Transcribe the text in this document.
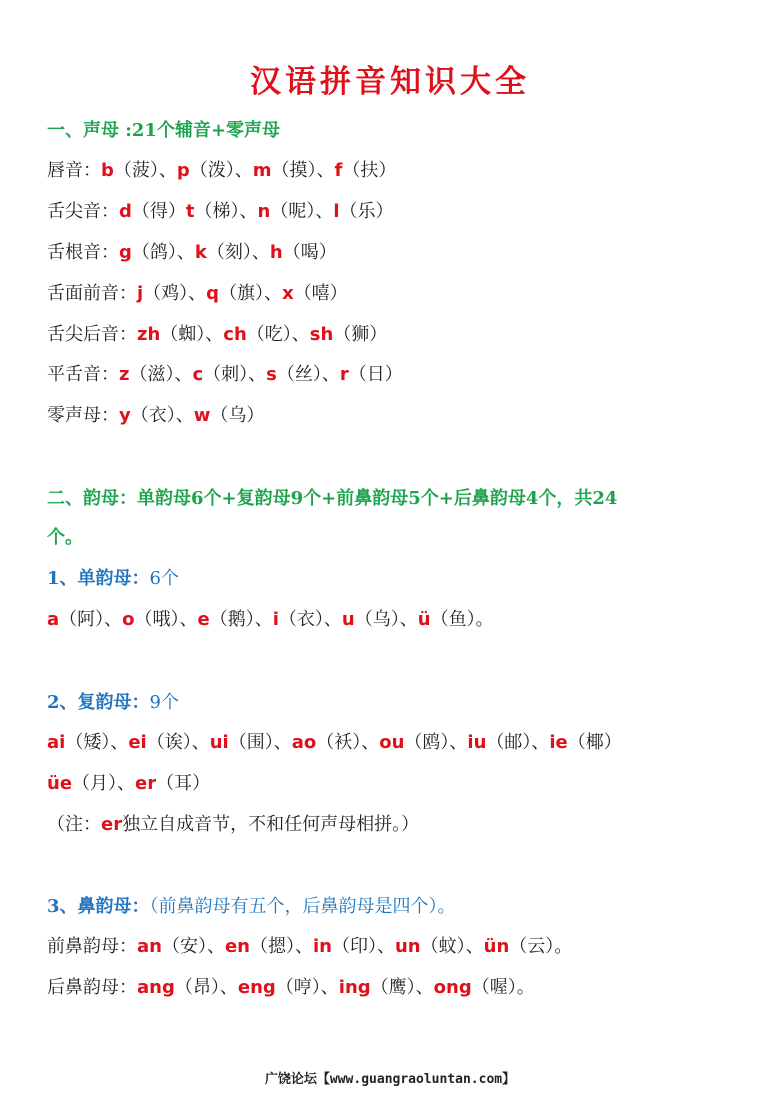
汉语拼音知识大全
一、声母 :21个辅音+零声母
唇音：b（菠）、p（泼）、m（摸）、f（扶）
舌尖音：d（得）t（梯）、n（呢）、l（乐）
舌根音：g（鸽）、k（刻）、h（喝）
舌面前音：j（鸡）、q（旗）、x（嘻）
舌尖后音：zh（蜘）、ch（吃）、sh（狮）
平舌音：z（滋）、c（刺）、s（丝）、r（日）
零声母：y（衣）、w（乌）
二、韵母：单韵母6个+复韵母9个+前鼻韵母5个+后鼻韵母4个，共24
个。
1、单韵母：6个
a（阿）、o（哦）、e（鹅）、i（衣）、u（乌）、ü（鱼）。
2、复韵母：9个
ai（矮）、ei（诶）、ui（围）、ao（袄）、ou（鸥）、iu（邮）、ie（椰）
üe（月）、er（耳）
（注：er独立自成音节，不和任何声母相拼。）
3、鼻韵母：（前鼻韵母有五个，后鼻韵母是四个）。
前鼻韵母：an（安）、en（摁）、in（印）、un（蚊）、ün（云）。
后鼻韵母：ang（昂）、eng（哼）、ing（鹰）、ong（喔）。
广饶论坛【www.guangraoluntan.com】
